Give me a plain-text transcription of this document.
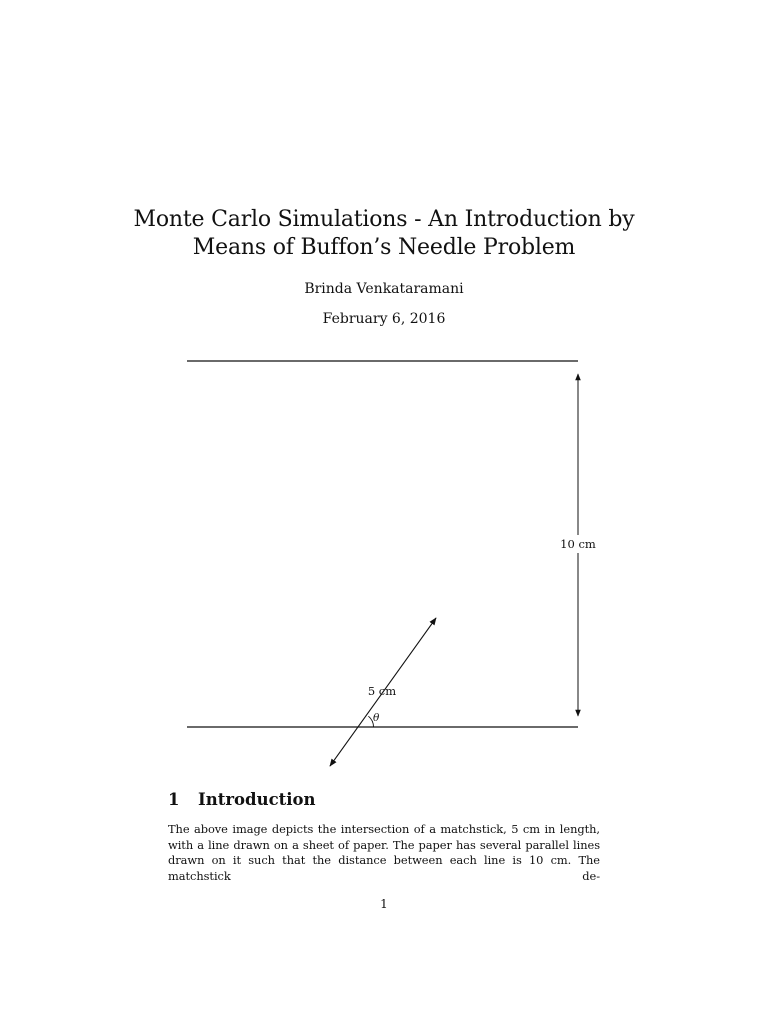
Monte Carlo Simulations - An Introduction by
Means of Buffon’s Needle Problem

Brinda Venkataramani

February 6, 2016

10 cm
5 cm
θ
1 Introduction

The above image depicts the intersection of a matchstick, 5 cm in length, with a line drawn on a sheet of paper. The paper has several parallel lines drawn on it such that the distance between each line is 10 cm. The matchstick de-

1
